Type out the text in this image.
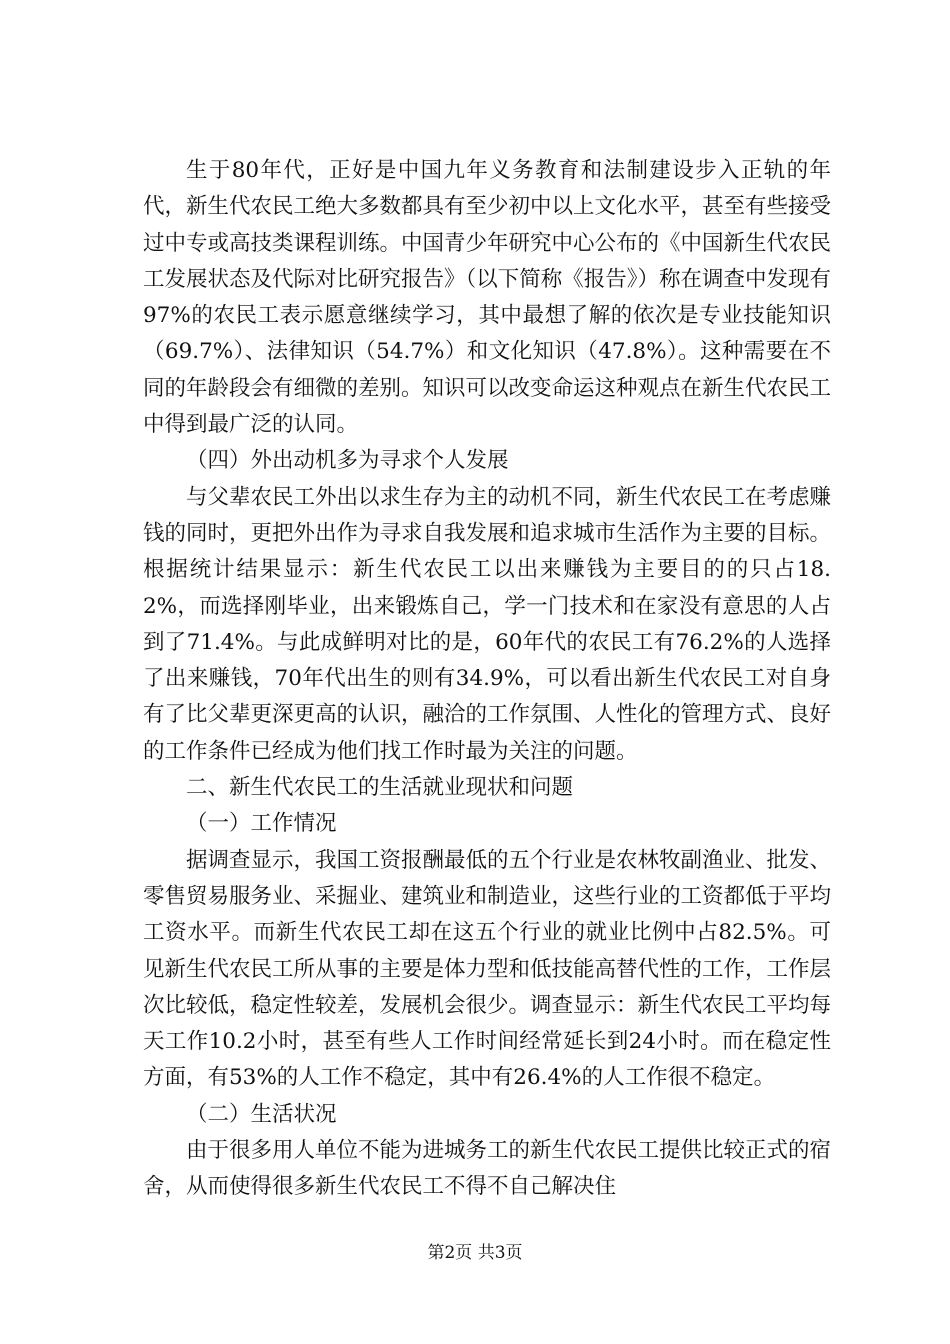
生于80年代，正好是中国九年义务教育和法制建设步入正轨的年代，新生代农民工绝大多数都具有至少初中以上文化水平，甚至有些接受过中专或高技类课程训练。中国青少年研究中心公布的《中国新生代农民工发展状态及代际对比研究报告》（以下简称《报告》）称在调查中发现有97%的农民工表示愿意继续学习，其中最想了解的依次是专业技能知识（69.7%）、法律知识（54.7%）和文化知识（47.8%）。这种需要在不同的年龄段会有细微的差别。知识可以改变命运这种观点在新生代农民工中得到最广泛的认同。

（四）外出动机多为寻求个人发展

与父辈农民工外出以求生存为主的动机不同，新生代农民工在考虑赚钱的同时，更把外出作为寻求自我发展和追求城市生活作为主要的目标。根据统计结果显示：新生代农民工以出来赚钱为主要目的的只占18.2%，而选择刚毕业，出来锻炼自己，学一门技术和在家没有意思的人占到了71.4%。与此成鲜明对比的是，60年代的农民工有76.2%的人选择了出来赚钱，70年代出生的则有34.9%，可以看出新生代农民工对自身有了比父辈更深更高的认识，融洽的工作氛围、人性化的管理方式、良好的工作条件已经成为他们找工作时最为关注的问题。

二、新生代农民工的生活就业现状和问题

（一）工作情况

据调查显示，我国工资报酬最低的五个行业是农林牧副渔业、批发、零售贸易服务业、采掘业、建筑业和制造业，这些行业的工资都低于平均工资水平。而新生代农民工却在这五个行业的就业比例中占82.5%。可见新生代农民工所从事的主要是体力型和低技能高替代性的工作，工作层次比较低，稳定性较差，发展机会很少。调查显示：新生代农民工平均每天工作10.2小时，甚至有些人工作时间经常延长到24小时。而在稳定性方面，有53%的人工作不稳定，其中有26.4%的人工作很不稳定。

（二）生活状况

由于很多用人单位不能为进城务工的新生代农民工提供比较正式的宿舍，从而使得很多新生代农民工不得不自己解决住

第2页 共3页
